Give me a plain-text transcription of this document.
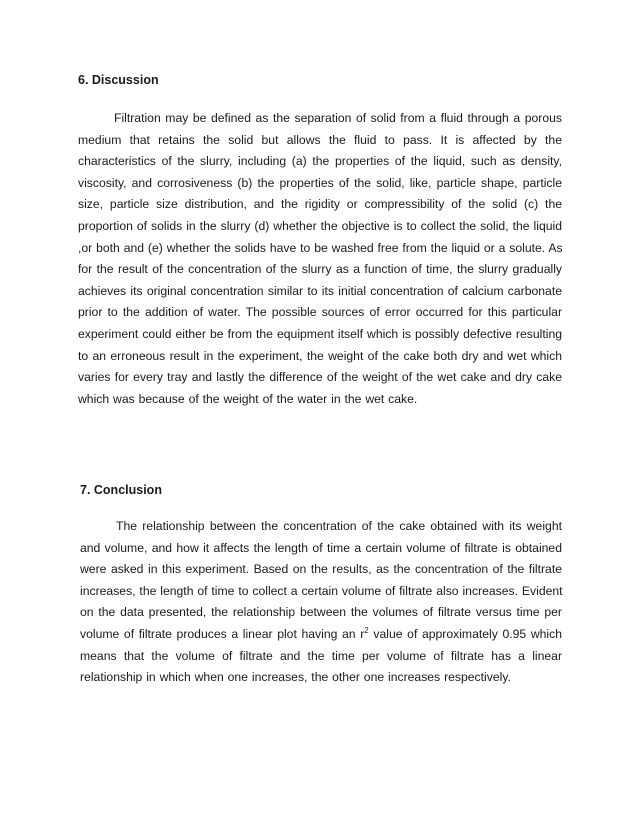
6. Discussion
Filtration may be defined as the separation of solid from a fluid through a porous
medium that retains the solid but allows the fluid to pass. It is affected by the
characteristics of the slurry, including (a) the properties of the liquid, such as density,
viscosity, and corrosiveness (b) the properties of the solid, like, particle shape, particle
size, particle size distribution, and the rigidity or compressibility of the solid (c) the
proportion of solids in the slurry (d) whether the objective is to collect the solid, the liquid
,or both and (e) whether the solids have to be washed free from the liquid or a solute. As
for the result of the concentration of the slurry as a function of time, the slurry gradually
achieves its original concentration similar to its initial concentration of calcium carbonate
prior to the addition of water. The possible sources of error occurred for this particular
experiment could either be from the equipment itself which is possibly defective resulting
to an erroneous result in the experiment, the weight of the cake both dry and wet which
varies for every tray and lastly the difference of the weight of the wet cake and dry cake
which was because of the weight of the water in the wet cake.
7. Conclusion
The relationship between the concentration of the cake obtained with its weight
and volume, and how it affects the length of time a certain volume of filtrate is obtained
were asked in this experiment. Based on the results, as the concentration of the filtrate
increases, the length of time to collect a certain volume of filtrate also increases. Evident
on the data presented, the relationship between the volumes of filtrate versus time per
volume of filtrate produces a linear plot having an $r^2$ value of approximately 0.95 which
means that the volume of filtrate and the time per volume of filtrate has a linear
relationship in which when one increases, the other one increases respectively.
